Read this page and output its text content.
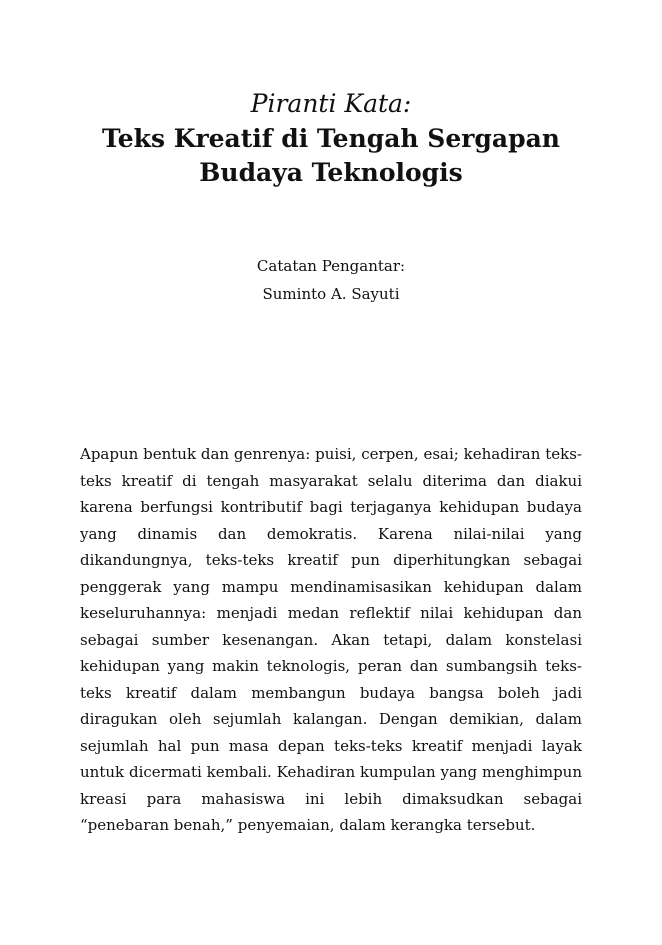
Piranti Kata:

Teks Kreatif di Tengah Sergapan

Budaya Teknologis

Catatan Pengantar:
Suminto A. Sayuti

Apapun bentuk dan genrenya: puisi, cerpen, esai; kehadiran teks-teks kreatif di tengah masyarakat selalu diterima dan diakui karena berfungsi kontributif bagi terjaganya kehidupan budaya yang dinamis dan demokratis. Karena nilai-nilai yang dikandungnya, teks-teks kreatif pun diperhitungkan sebagai penggerak yang mampu mendinamisasikan kehidupan dalam keseluruhannya: menjadi medan reflektif nilai kehidupan dan sebagai sumber kesenangan. Akan tetapi, dalam konstelasi kehidupan yang makin teknologis, peran dan sumbangsih teks-teks kreatif dalam membangun budaya bangsa boleh jadi diragukan oleh sejumlah kalangan. Dengan demikian, dalam sejumlah hal pun masa depan teks-teks kreatif menjadi layak untuk dicermati kembali. Kehadiran kumpulan yang menghimpun kreasi para mahasiswa ini lebih dimaksudkan sebagai “penebaran benah,” penyemaian, dalam kerangka tersebut.
